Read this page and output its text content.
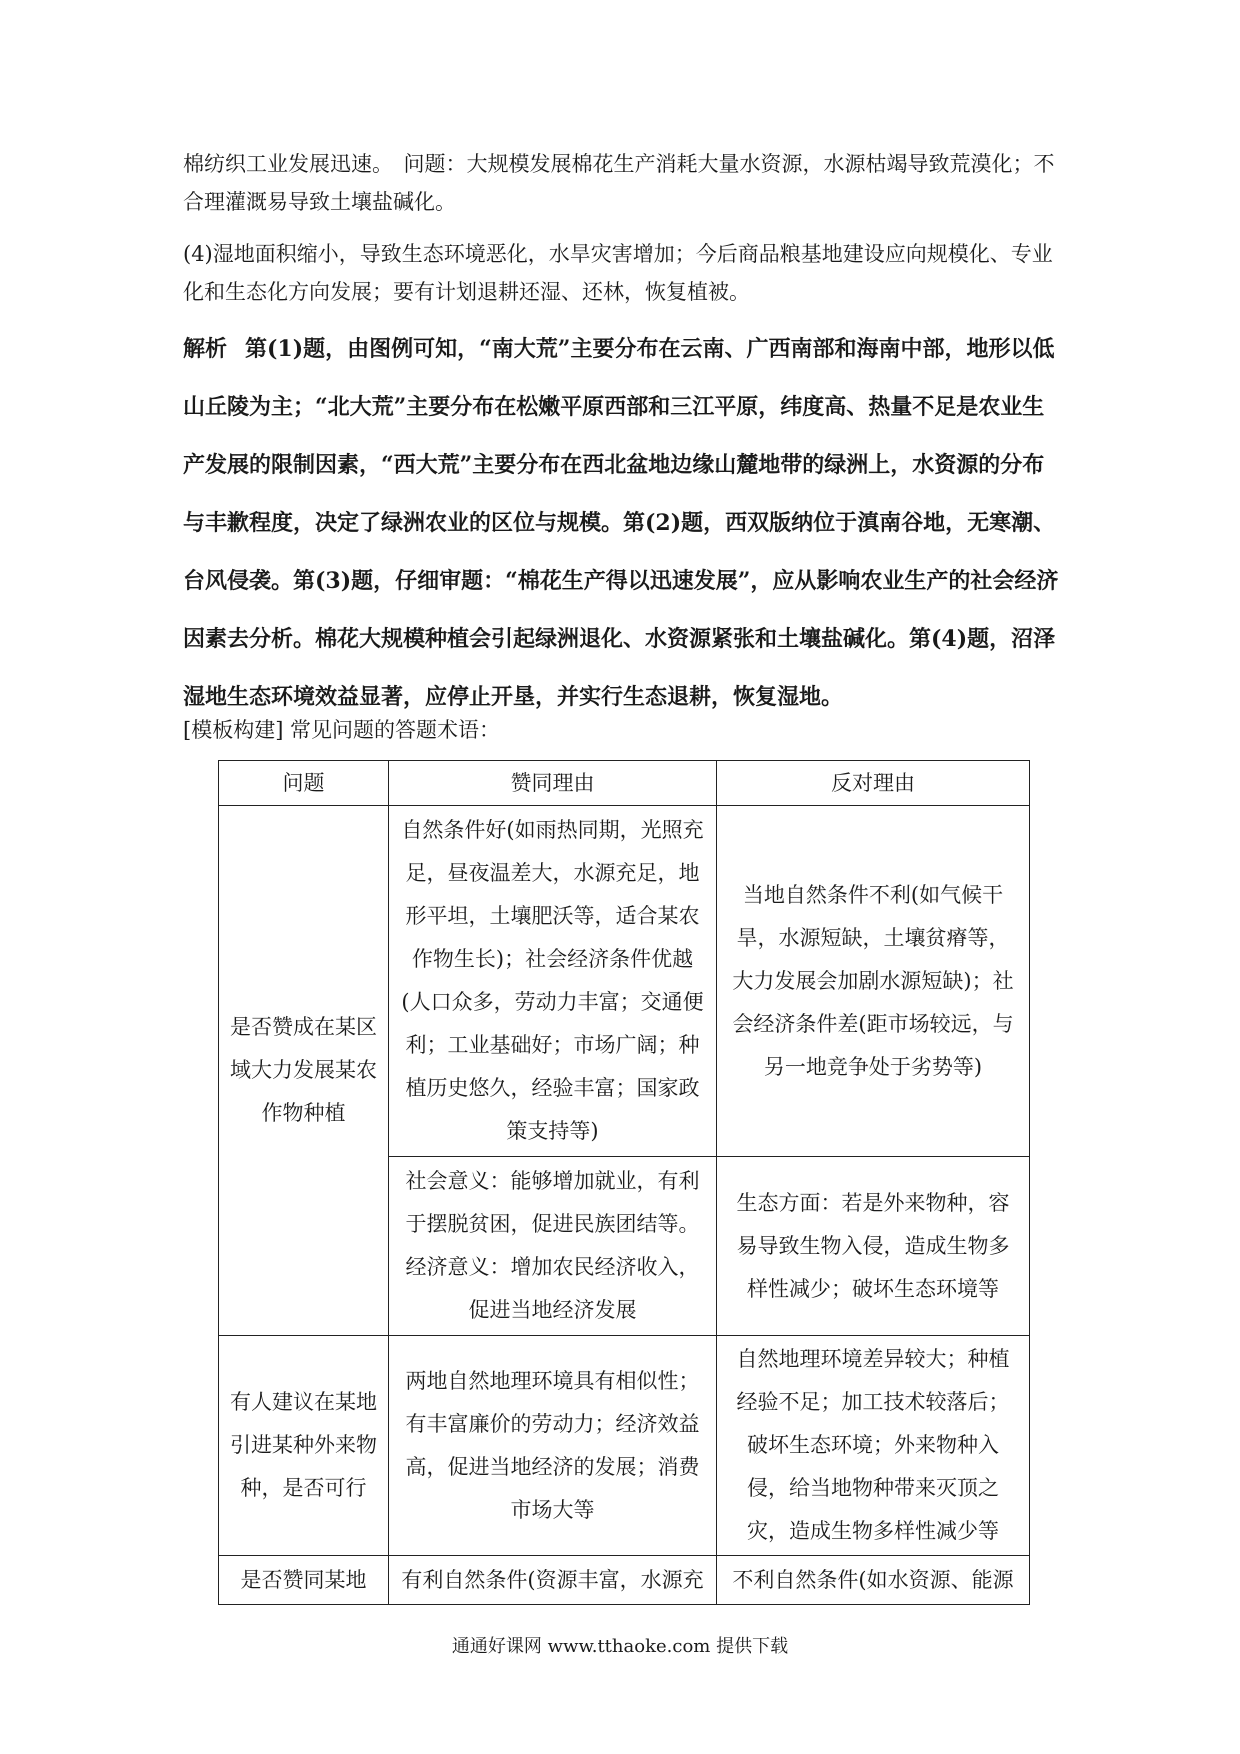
棉纺织工业发展迅速。　问题：大规模发展棉花生产消耗大量水资源，水源枯竭导致荒漠化；不合理灌溉易导致土壤盐碱化。

(4)湿地面积缩小，导致生态环境恶化，水旱灾害增加；今后商品粮基地建设应向规模化、专业化和生态化方向发展；要有计划退耕还湿、还林，恢复植被。

解析 第(1)题，由图例可知，“南大荒”主要分布在云南、广西南部和海南中部，地形以低山丘陵为主；“北大荒”主要分布在松嫩平原西部和三江平原，纬度高、热量不足是农业生产发展的限制因素，“西大荒”主要分布在西北盆地边缘山麓地带的绿洲上，水资源的分布与丰歉程度，决定了绿洲农业的区位与规模。第(2)题，西双版纳位于滇南谷地，无寒潮、台风侵袭。第(3)题，仔细审题：“棉花生产得以迅速发展”，应从影响农业生产的社会经济因素去分析。棉花大规模种植会引起绿洲退化、水资源紧张和土壤盐碱化。第(4)题，沼泽湿地生态环境效益显著，应停止开垦，并实行生态退耕，恢复湿地。

[模板构建] 常见问题的答题术语：

问题	赞同理由	反对理由
是否赞成在某区域大力发展某农作物种植	自然条件好(如雨热同期，光照充足，昼夜温差大，水源充足，地形平坦，土壤肥沃等，适合某农作物生长)；社会经济条件优越(人口众多，劳动力丰富；交通便利；工业基础好；市场广阔；种植历史悠久，经验丰富；国家政策支持等)	当地自然条件不利(如气候干旱，水源短缺，土壤贫瘠等，大力发展会加剧水源短缺)；社会经济条件差(距市场较远，与另一地竞争处于劣势等)
	社会意义：能够增加就业，有利于摆脱贫困，促进民族团结等。经济意义：增加农民经济收入，促进当地经济发展	生态方面：若是外来物种，容易导致生物入侵，造成生物多样性减少；破坏生态环境等
有人建议在某地引进某种外来物种，是否可行	两地自然地理环境具有相似性；有丰富廉价的劳动力；经济效益高，促进当地经济的发展；消费市场大等	自然地理环境差异较大；种植经验不足；加工技术较落后；破坏生态环境；外来物种入侵，给当地物种带来灭顶之灾，造成生物多样性减少等
是否赞同某地	有利自然条件(资源丰富，水源充	不利自然条件(如水资源、能源
通通好课网 www.tthaoke.com 提供下载
